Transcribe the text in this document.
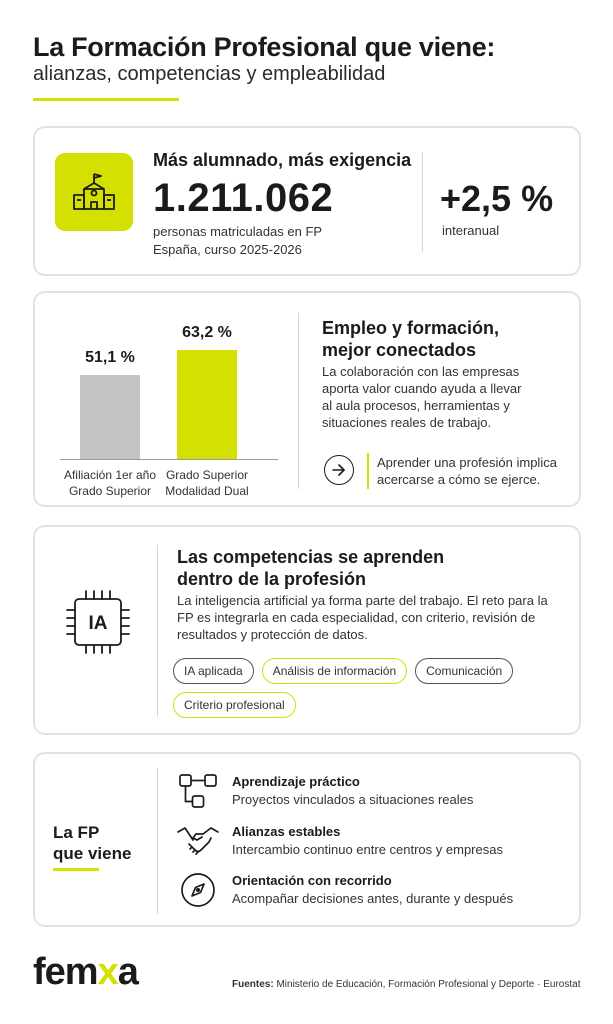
La Formación Profesional que viene:
alianzas, competencias y empleabilidad
Más alumnado, más exigencia
1.211.062
personas matriculadas en FP
España, curso 2025-2026
+2,5 %
interanual
51,1 %
Afiliación 1er año
Grado Superior
63,2 %
Grado Superior
Modalidad Dual
Empleo y formación, mejor conectados
La colaboración con las empresas aporta valor cuando ayuda a llevar al aula procesos, herramientas y situaciones reales de trabajo.
Aprender una profesión implica acercarse a cómo se ejerce.
IA
Las competencias se aprenden dentro de la profesión
La inteligencia artificial ya forma parte del trabajo. El reto para la FP es integrarla en cada especialidad, con criterio, revisión de resultados y protección de datos.
IA aplicada	Análisis de información	Comunicación
Criterio profesional
La FP
que viene
Aprendizaje práctico
Proyectos vinculados a situaciones reales
Alianzas estables
Intercambio continuo entre centros y empresas
Orientación con recorrido
Acompañar decisiones antes, durante y después
femxa	Fuentes: Ministerio de Educación, Formación Profesional y Deporte · Eurostat
